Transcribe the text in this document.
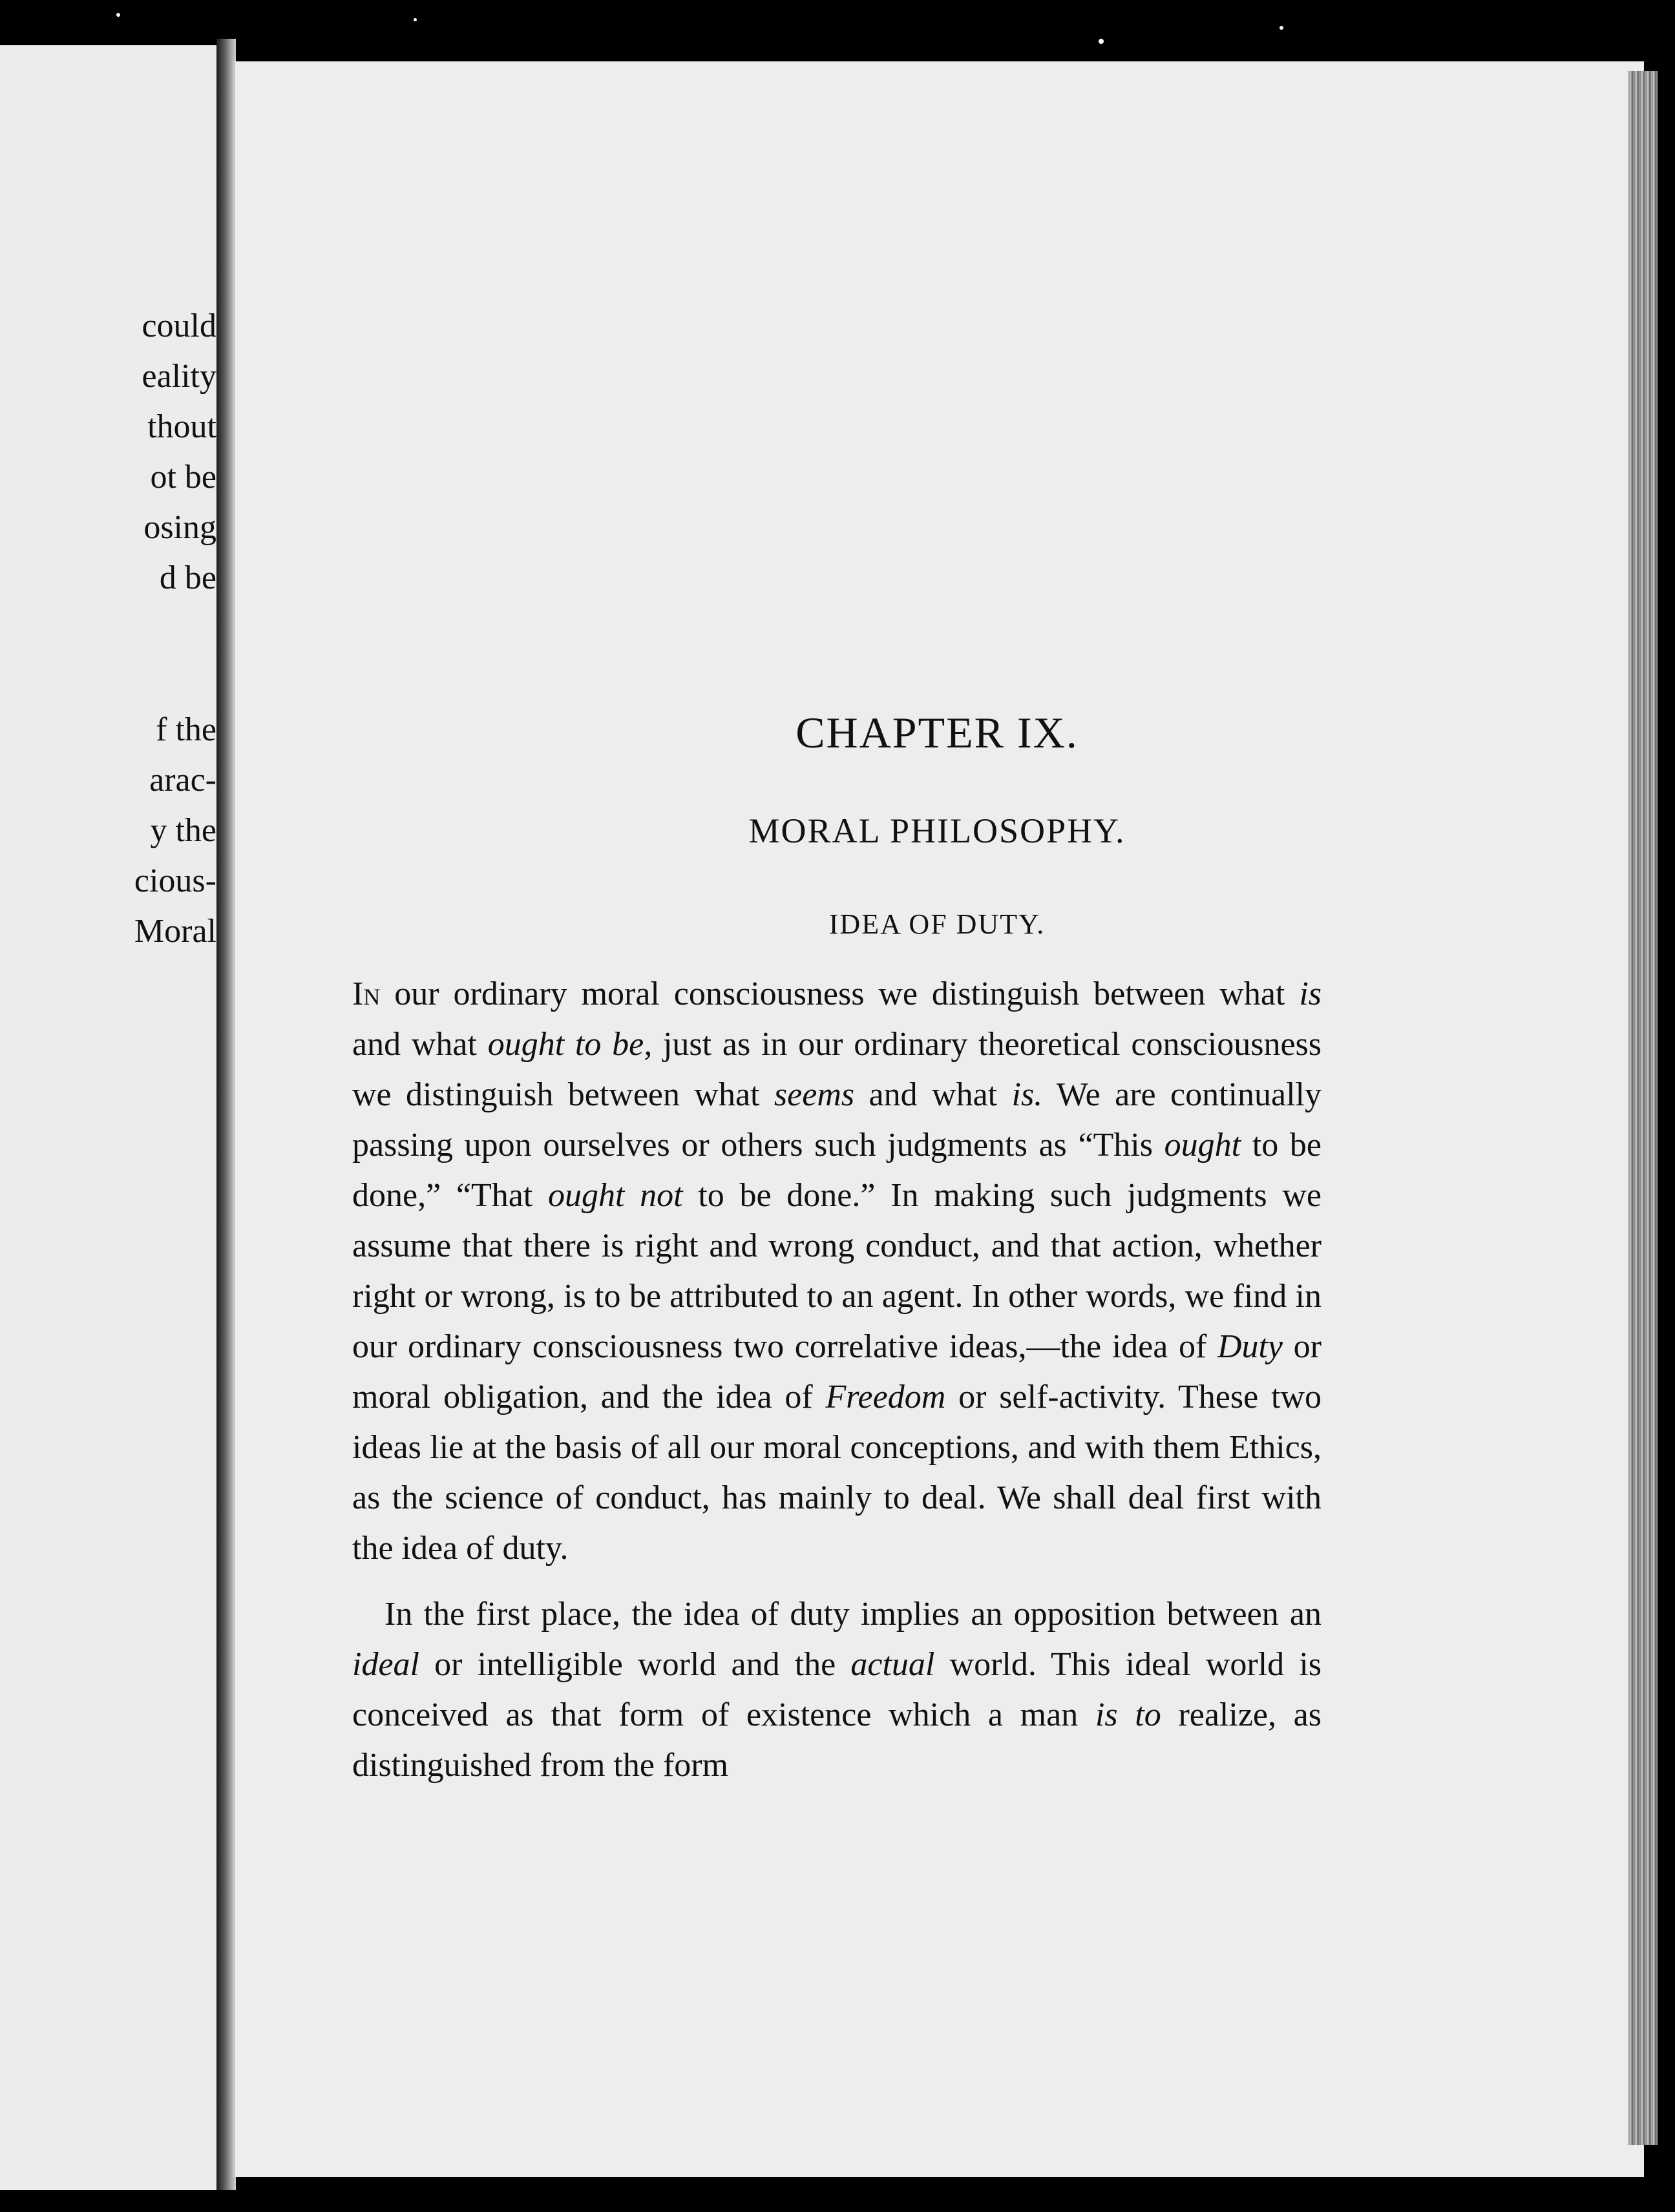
could
eality
thout
ot be
osing
d be
f the
arac-
y the
cious-
Moral
CHAPTER IX.
MORAL PHILOSOPHY.
IDEA OF DUTY.

In our ordinary moral consciousness we distinguish between what is and what ought to be, just as in our ordinary theoretical consciousness we distinguish between what seems and what is. We are continually passing upon ourselves or others such judgments as “This ought to be done,” “That ought not to be done.” In making such judgments we assume that there is right and wrong conduct, and that action, whether right or wrong, is to be attributed to an agent. In other words, we find in our ordinary consciousness two correlative ideas,—the idea of Duty or moral obligation, and the idea of Freedom or self-activity. These two ideas lie at the basis of all our moral conceptions, and with them Ethics, as the science of conduct, has mainly to deal. We shall deal first with the idea of duty.

In the first place, the idea of duty implies an opposition between an ideal or intelligible world and the actual world. This ideal world is conceived as that form of existence which a man is to realize, as distinguished from the form
